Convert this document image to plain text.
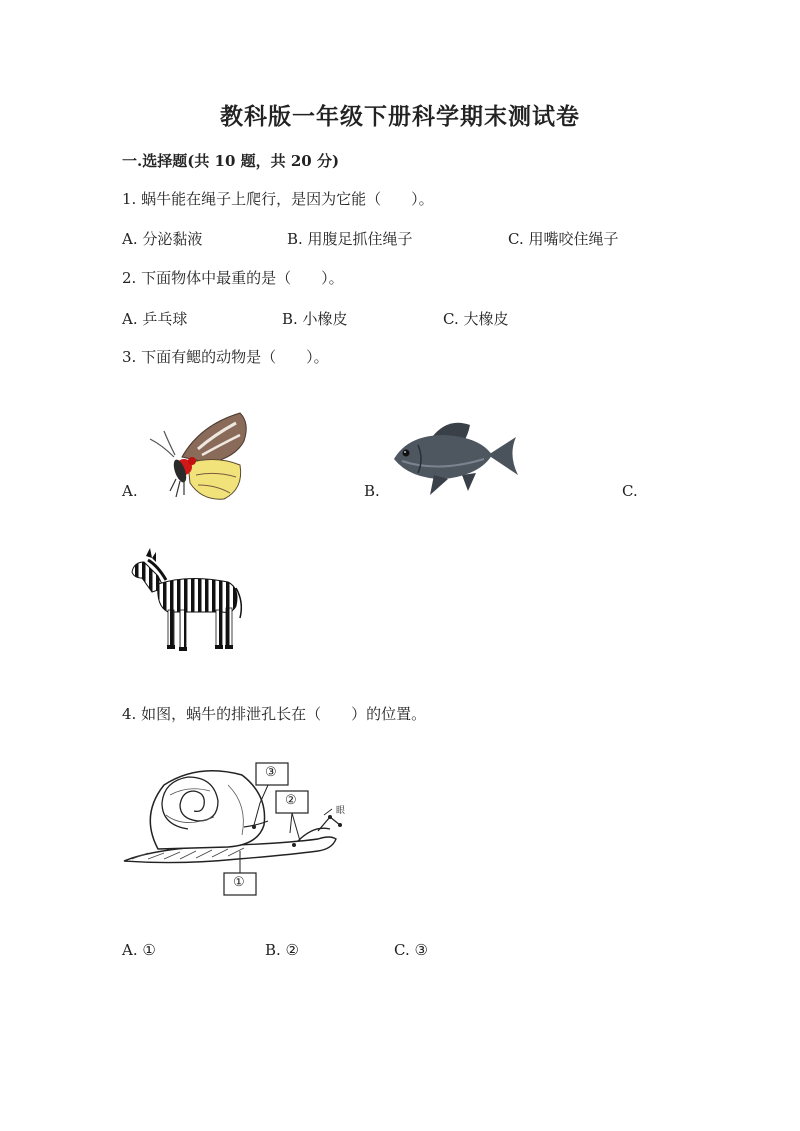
教科版一年级下册科学期末测试卷
一.选择题(共 10 题，共 20 分)
1. 蜗牛能在绳子上爬行，是因为它能（　　）。
A. 分泌黏液	B. 用腹足抓住绳子	C. 用嘴咬住绳子
2. 下面物体中最重的是（　　）。
A. 乒乓球	B. 小橡皮	C. 大橡皮
3. 下面有鳃的动物是（　　）。
A.	B.	C.
4. 如图，蜗牛的排泄孔长在（　　）的位置。
③
②
①
眼
A. ①	B. ②	C. ③
